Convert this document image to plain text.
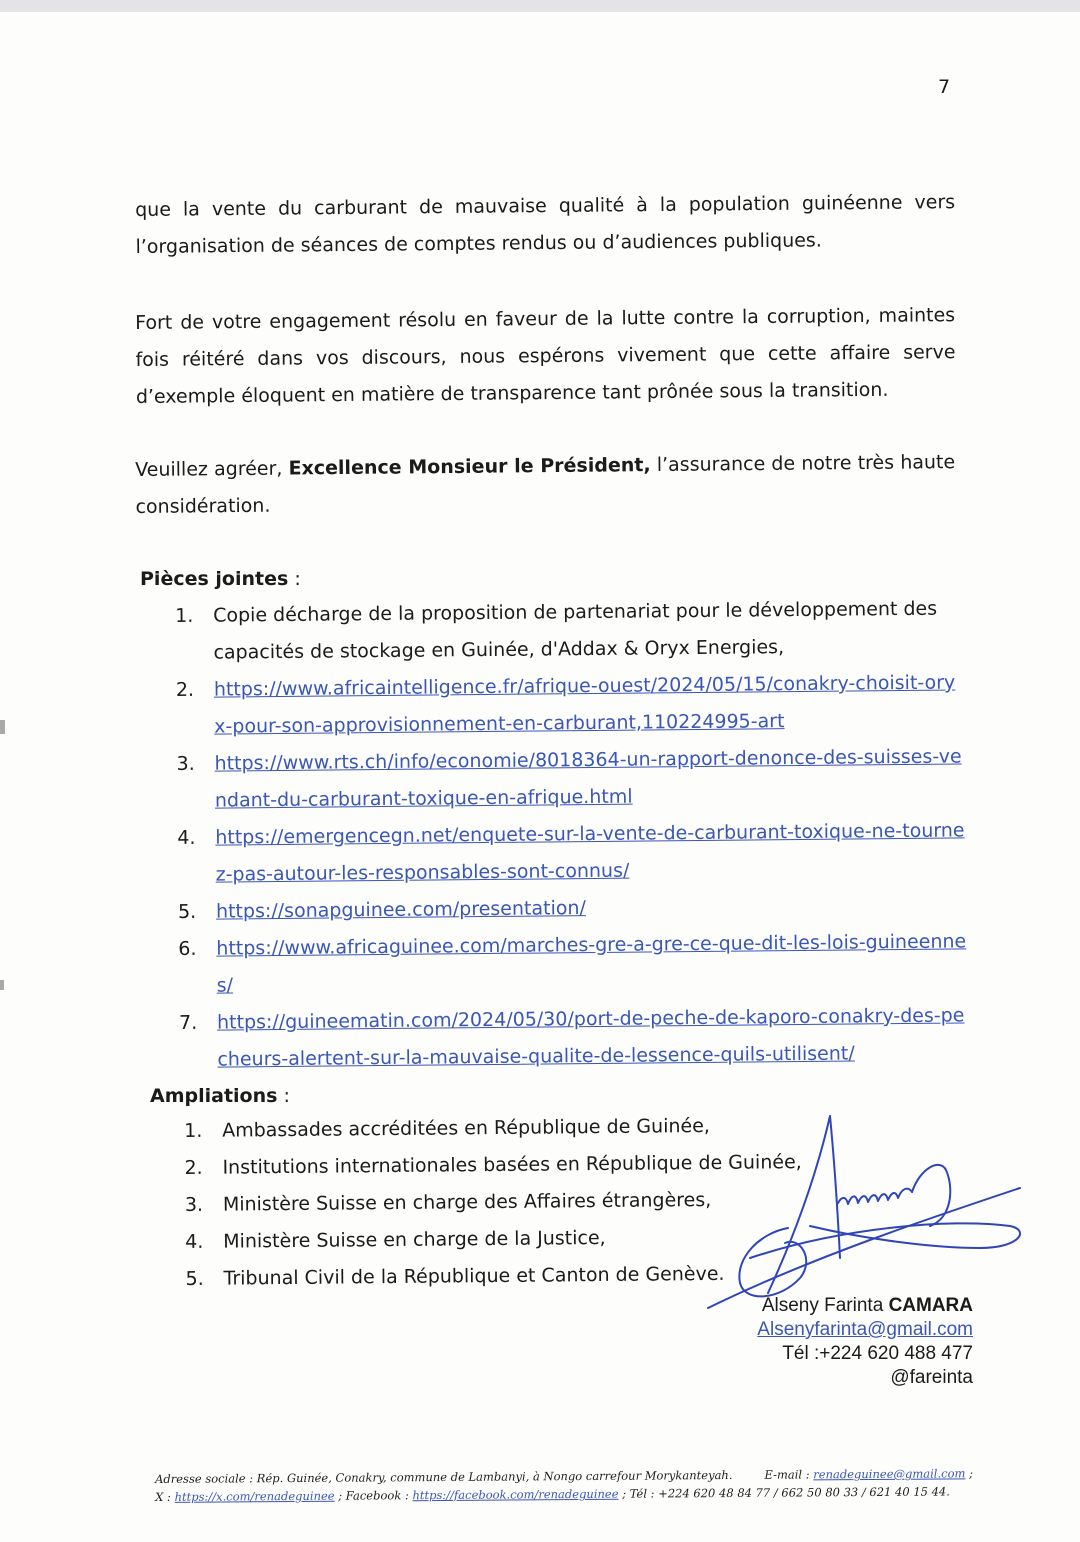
7

que la vente du carburant de mauvaise qualité à la population guinéenne vers l’organisation de séances de comptes rendus ou d’audiences publiques.

Fort de votre engagement résolu en faveur de la lutte contre la corruption, maintes fois réitéré dans vos discours, nous espérons vivement que cette affaire serve d’exemple éloquent en matière de transparence tant prônée sous la transition.

Veuillez agréer, Excellence Monsieur le Président, l’assurance de notre très haute considération.

Pièces jointes :
1. Copie décharge de la proposition de partenariat pour le développement des capacités de stockage en Guinée, d'Addax & Oryx Energies,
2. https://www.africaintelligence.fr/afrique-ouest/2024/05/15/conakry-choisit-oryx-pour-son-approvisionnement-en-carburant,110224995-art
3. https://www.rts.ch/info/economie/8018364-un-rapport-denonce-des-suisses-vendant-du-carburant-toxique-en-afrique.html
4. https://emergencegn.net/enquete-sur-la-vente-de-carburant-toxique-ne-tournez-pas-autour-les-responsables-sont-connus/
5. https://sonapguinee.com/presentation/
6. https://www.africaguinee.com/marches-gre-a-gre-ce-que-dit-les-lois-guineennes/
7. https://guineematin.com/2024/05/30/port-de-peche-de-kaporo-conakry-des-pecheurs-alertent-sur-la-mauvaise-qualite-de-lessence-quils-utilisent/
Ampliations :
1. Ambassades accréditées en République de Guinée,
2. Institutions internationales basées en République de Guinée,
3. Ministère Suisse en charge des Affaires étrangères,
4. Ministère Suisse en charge de la Justice,
5. Tribunal Civil de la République et Canton de Genève.
Alseny Farinta CAMARA
Alsenyfarinta@gmail.com
Tél :+224 620 488 477
@fareinta
Adresse sociale : Rép. Guinée, Conakry, commune de Lambanyi, à Nongo carrefour Morykanteyah.	E-mail : renadeguinee@gmail.com ;
X : https://x.com/renadeguinee ; Facebook : https://facebook.com/renadeguinee ; Tél : +224 620 48 84 77 / 662 50 80 33 / 621 40 15 44.
